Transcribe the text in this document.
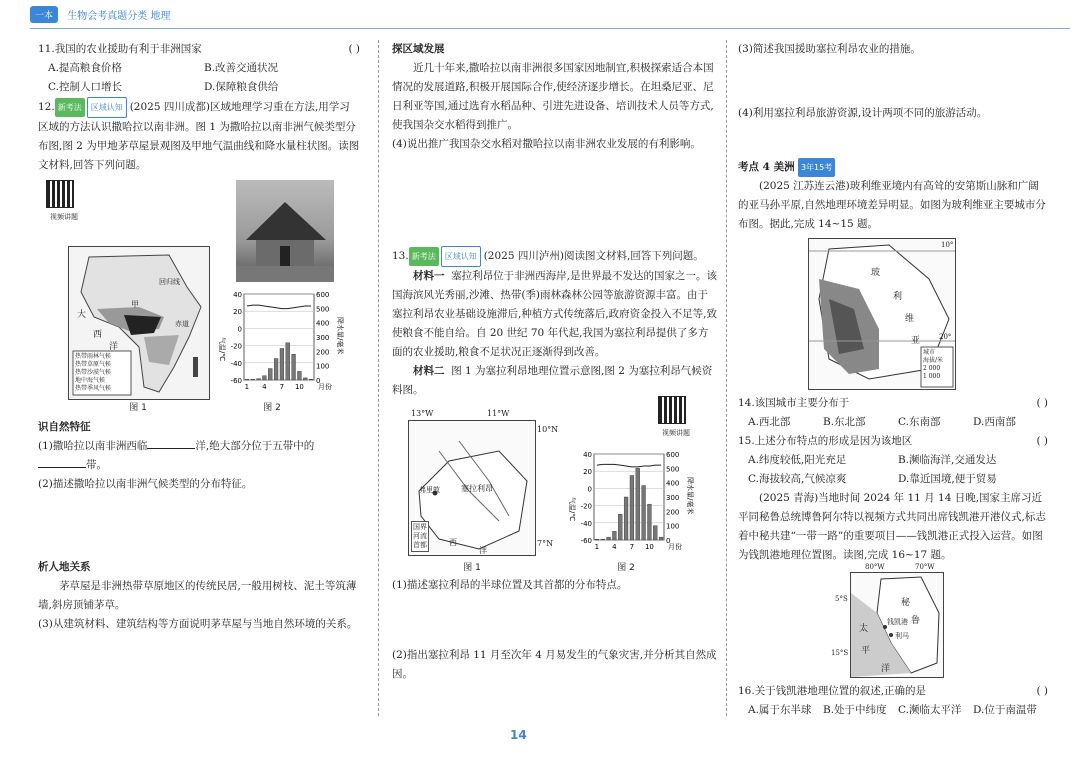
一本 生物会考真题分类 地理
11.我国的农业援助有利于非洲国家	( )
A.提高粮食价格	B.改善交通状况
C.控制人口增长	D.保障粮食供给
12. 新考法 区域认知 (2025 四川成都)区域地理学习重在方法,用学习区域的方法认识撒哈拉以南非洲。图 1 为撒哈拉以南非洲气候类型分布图,图 2 为甲地茅草屋景观图及甲地气温曲线和降水量柱状图。读图文材料,回答下列问题。
视频讲题
大
西
洋
甲
赤道
回归线
热带雨林气候
热带草原气候
热带沙漠气候
地中海气候
热带季风气候
图 1
40
20
0
-20
-40
-60
600
500
400
300
200
100
0
1 4 7 10 月份
气温/℃	降水量/毫米
图 2
识自然特征
(1)撒哈拉以南非洲西临	洋,绝大部分位于五带中的
带。
(2)描述撒哈拉以南非洲气候类型的分布特征。
析人地关系
茅草屋是非洲热带草原地区的传统民居,一般用树枝、泥土等筑薄墙,斜房顶铺茅草。
(3)从建筑材料、建筑结构等方面说明茅草屋与当地自然环境的关系。
探区域发展
近几十年来,撒哈拉以南非洲很多国家因地制宜,积极探索适合本国情况的发展道路,积极开展国际合作,使经济逐步增长。在坦桑尼亚、尼日利亚等国,通过选育水稻品种、引进先进设备、培训技术人员等方式,使我国杂交水稻得到推广。
(4)说出推广我国杂交水稻对撒哈拉以南非洲农业发展的有利影响。
13. 新考法 区域认知 (2025 四川泸州)阅读图文材料,回答下列问题。
材料一 塞拉利昂位于非洲西海岸,是世界最不发达的国家之一。该国海滨风光秀丽,沙滩、热带(季)雨林森林公园等旅游资源丰富。由于塞拉利昂农业基础设施滞后,种植方式传统落后,政府资金投入不足等,致使粮食不能自给。自 20 世纪 70 年代起,我国为塞拉利昂提供了多方面的农业援助,粮食不足状况正逐渐得到改善。
材料二 图 1 为塞拉利昂地理位置示意图,图 2 为塞拉利昂气候资料图。
视频讲题
13°W	11°W
10°N
7°N
弗里敦	塞拉利昂
西
洋
国界
河流
首都
图 1
40
20
0
-20
-40
-60
600
500
400
300
200
100
0
1 4 7 10 月份
气温/℃	降水量/毫米
图 2
(1)描述塞拉利昂的半球位置及其首都的分布特点。
(2)指出塞拉利昂 11 月至次年 4 月易发生的气象灾害,并分析其自然成因。
(3)简述我国援助塞拉利昂农业的措施。
(4)利用塞拉利昂旅游资源,设计两项不同的旅游活动。
考点 4 美洲 3年15考
(2025 江苏连云港)玻利维亚境内有高耸的安第斯山脉和广阔的亚马孙平原,自然地理环境差异明显。如图为玻利维亚主要城市分布图。据此,完成 14~15 题。
10°
20°
玻
利
维
亚
城市
海拔/米
2 000
1 000
14.该国城市主要分布于	( )
A.西北部	B.东北部	C.东南部	D.西南部
15.上述分布特点的形成是因为该地区	( )
A.纬度较低,阳光充足	B.濒临海洋,交通发达
C.海拔较高,气候凉爽	D.靠近国境,便于贸易
(2025 青海)当地时间 2024 年 11 月 14 日晚,国家主席习近平同秘鲁总统博鲁阿尔特以视频方式共同出席钱凯港开港仪式,标志着中秘共建“一带一路”的重要项目——钱凯港正式投入运营。如图为钱凯港地理位置图。读图,完成 16~17 题。
80°W	70°W
5°S
15°S
秘
鲁
钱凯港
利马
太
平
洋
16.关于钱凯港地理位置的叙述,正确的是	( )
A.属于东半球	B.处于中纬度	C.濒临太平洋	D.位于南温带
14
